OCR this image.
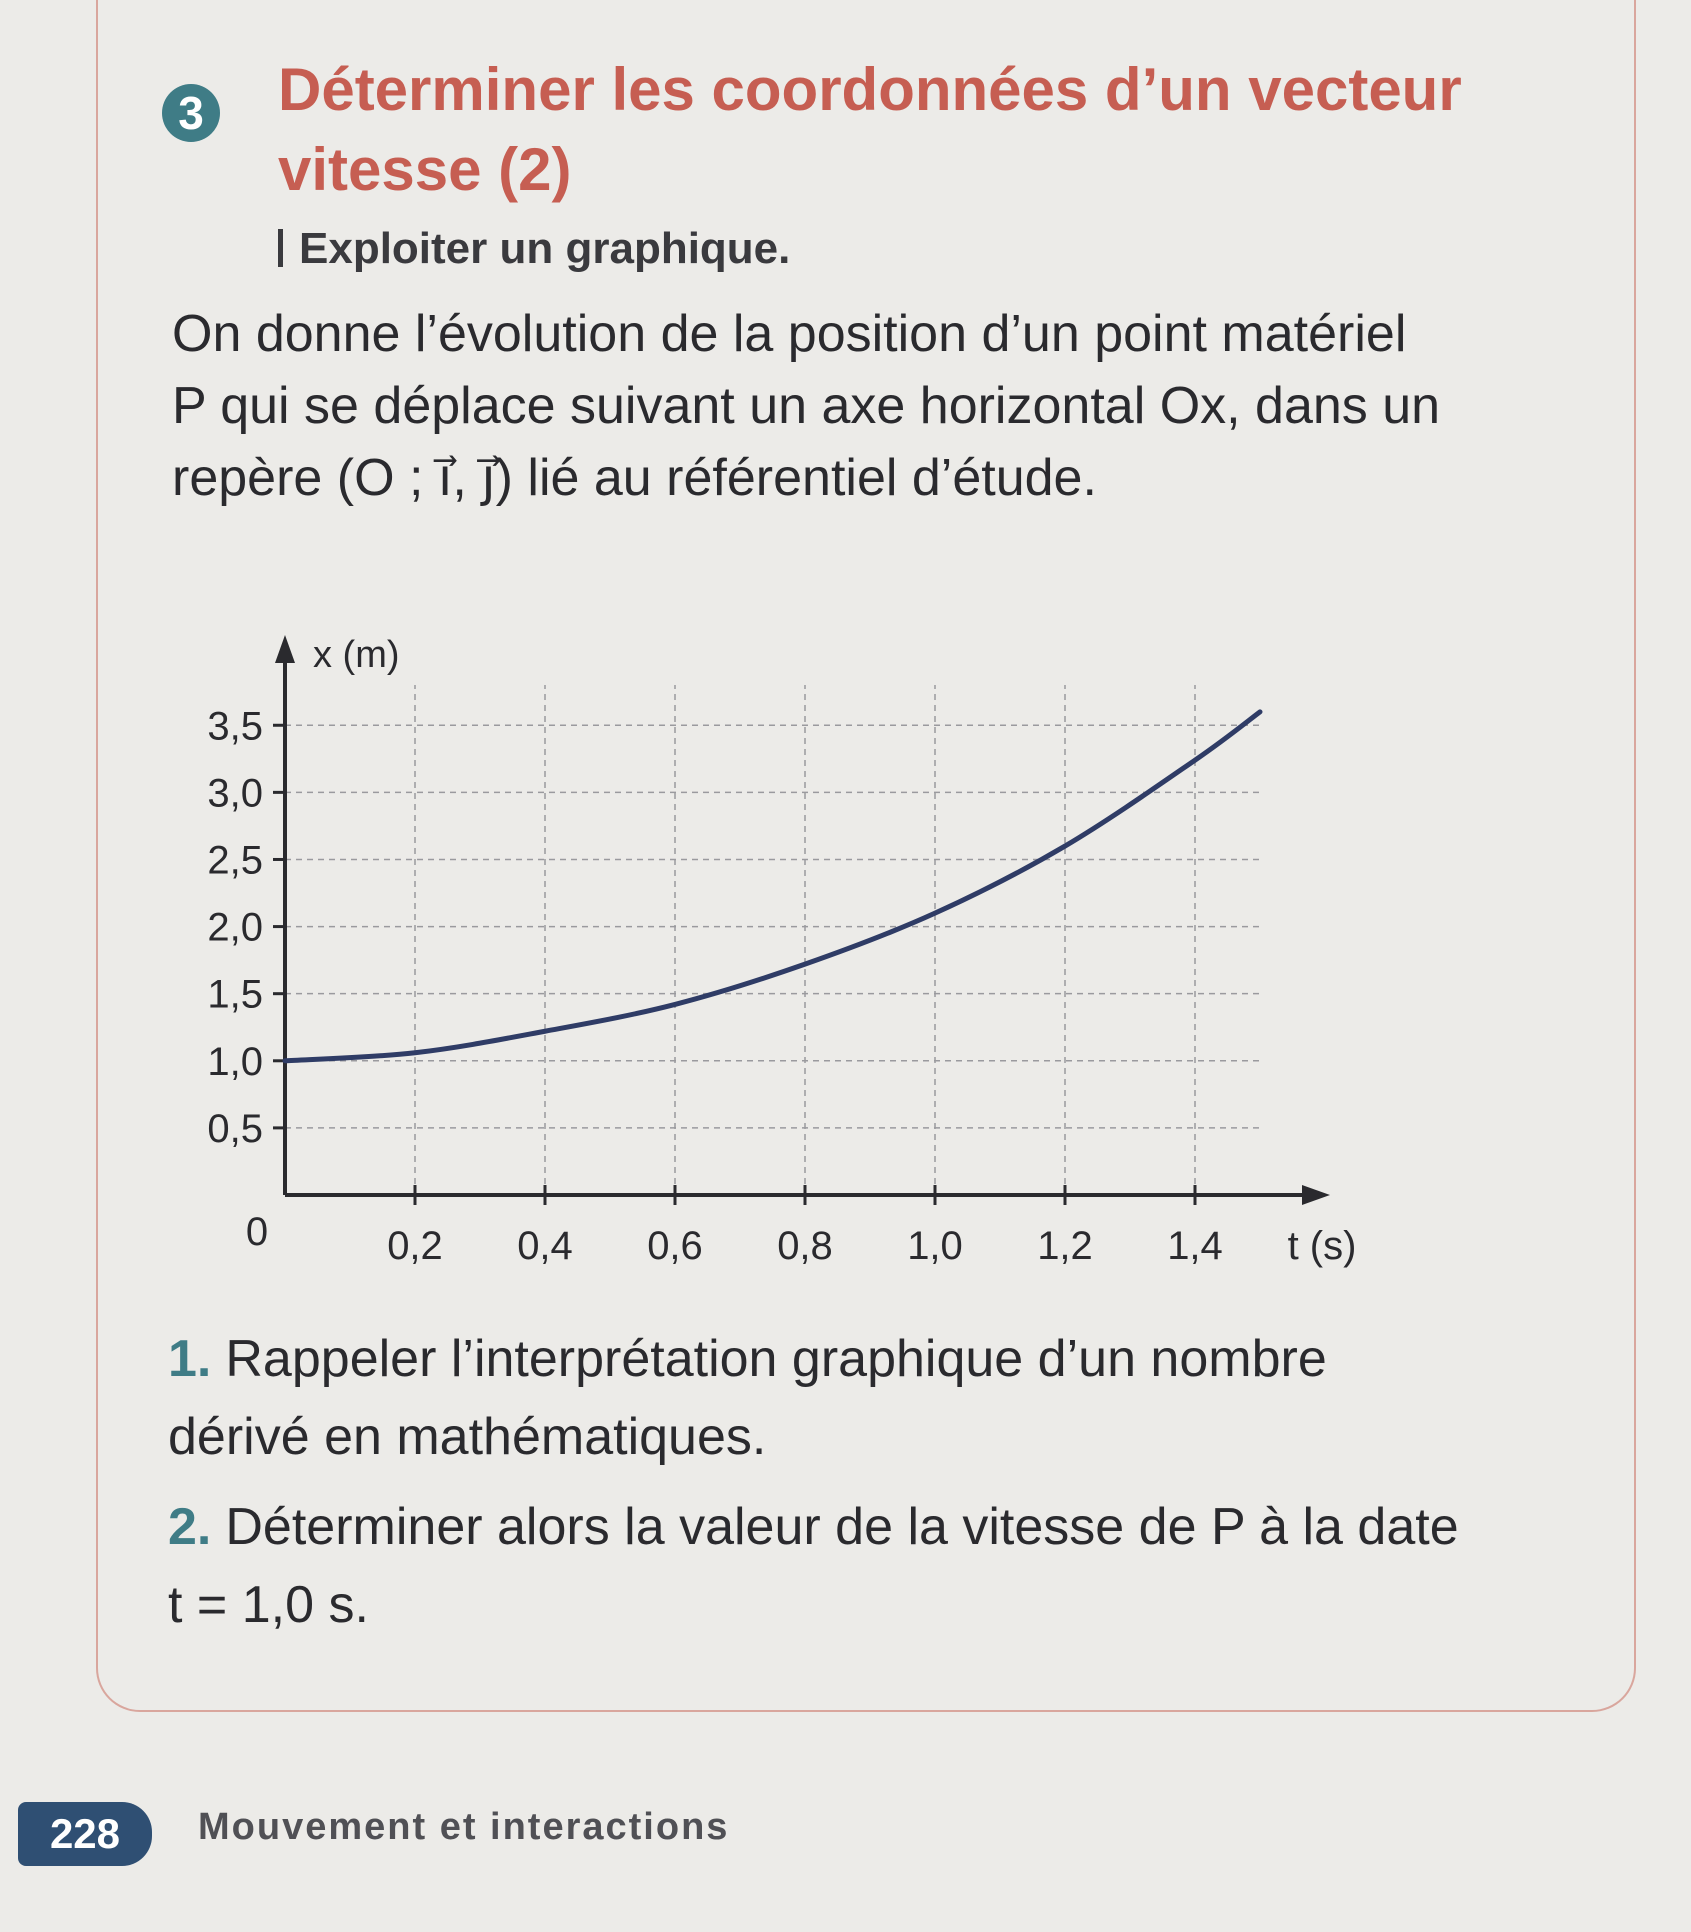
3 Déterminer les coordonnées d’un vecteur
vitesse (2)
Exploiter un graphique.
On donne l’évolution de la position d’un point matériel
P qui se déplace suivant un axe horizontal Ox, dans un
repère (O ; i⃗, j⃗) lié au référentiel d’étude.
0,2 0,4 0,6 0,8 1,0 1,2 1,4
0,5
1,0
1,5
2,0
2,5
3,0
3,5
0
x (m)
t (s)
1. Rappeler l’interprétation graphique d’un nombre
dérivé en mathématiques.
2. Déterminer alors la valeur de la vitesse de P à la date
t = 1,0 s.
228	Mouvement et interactions
